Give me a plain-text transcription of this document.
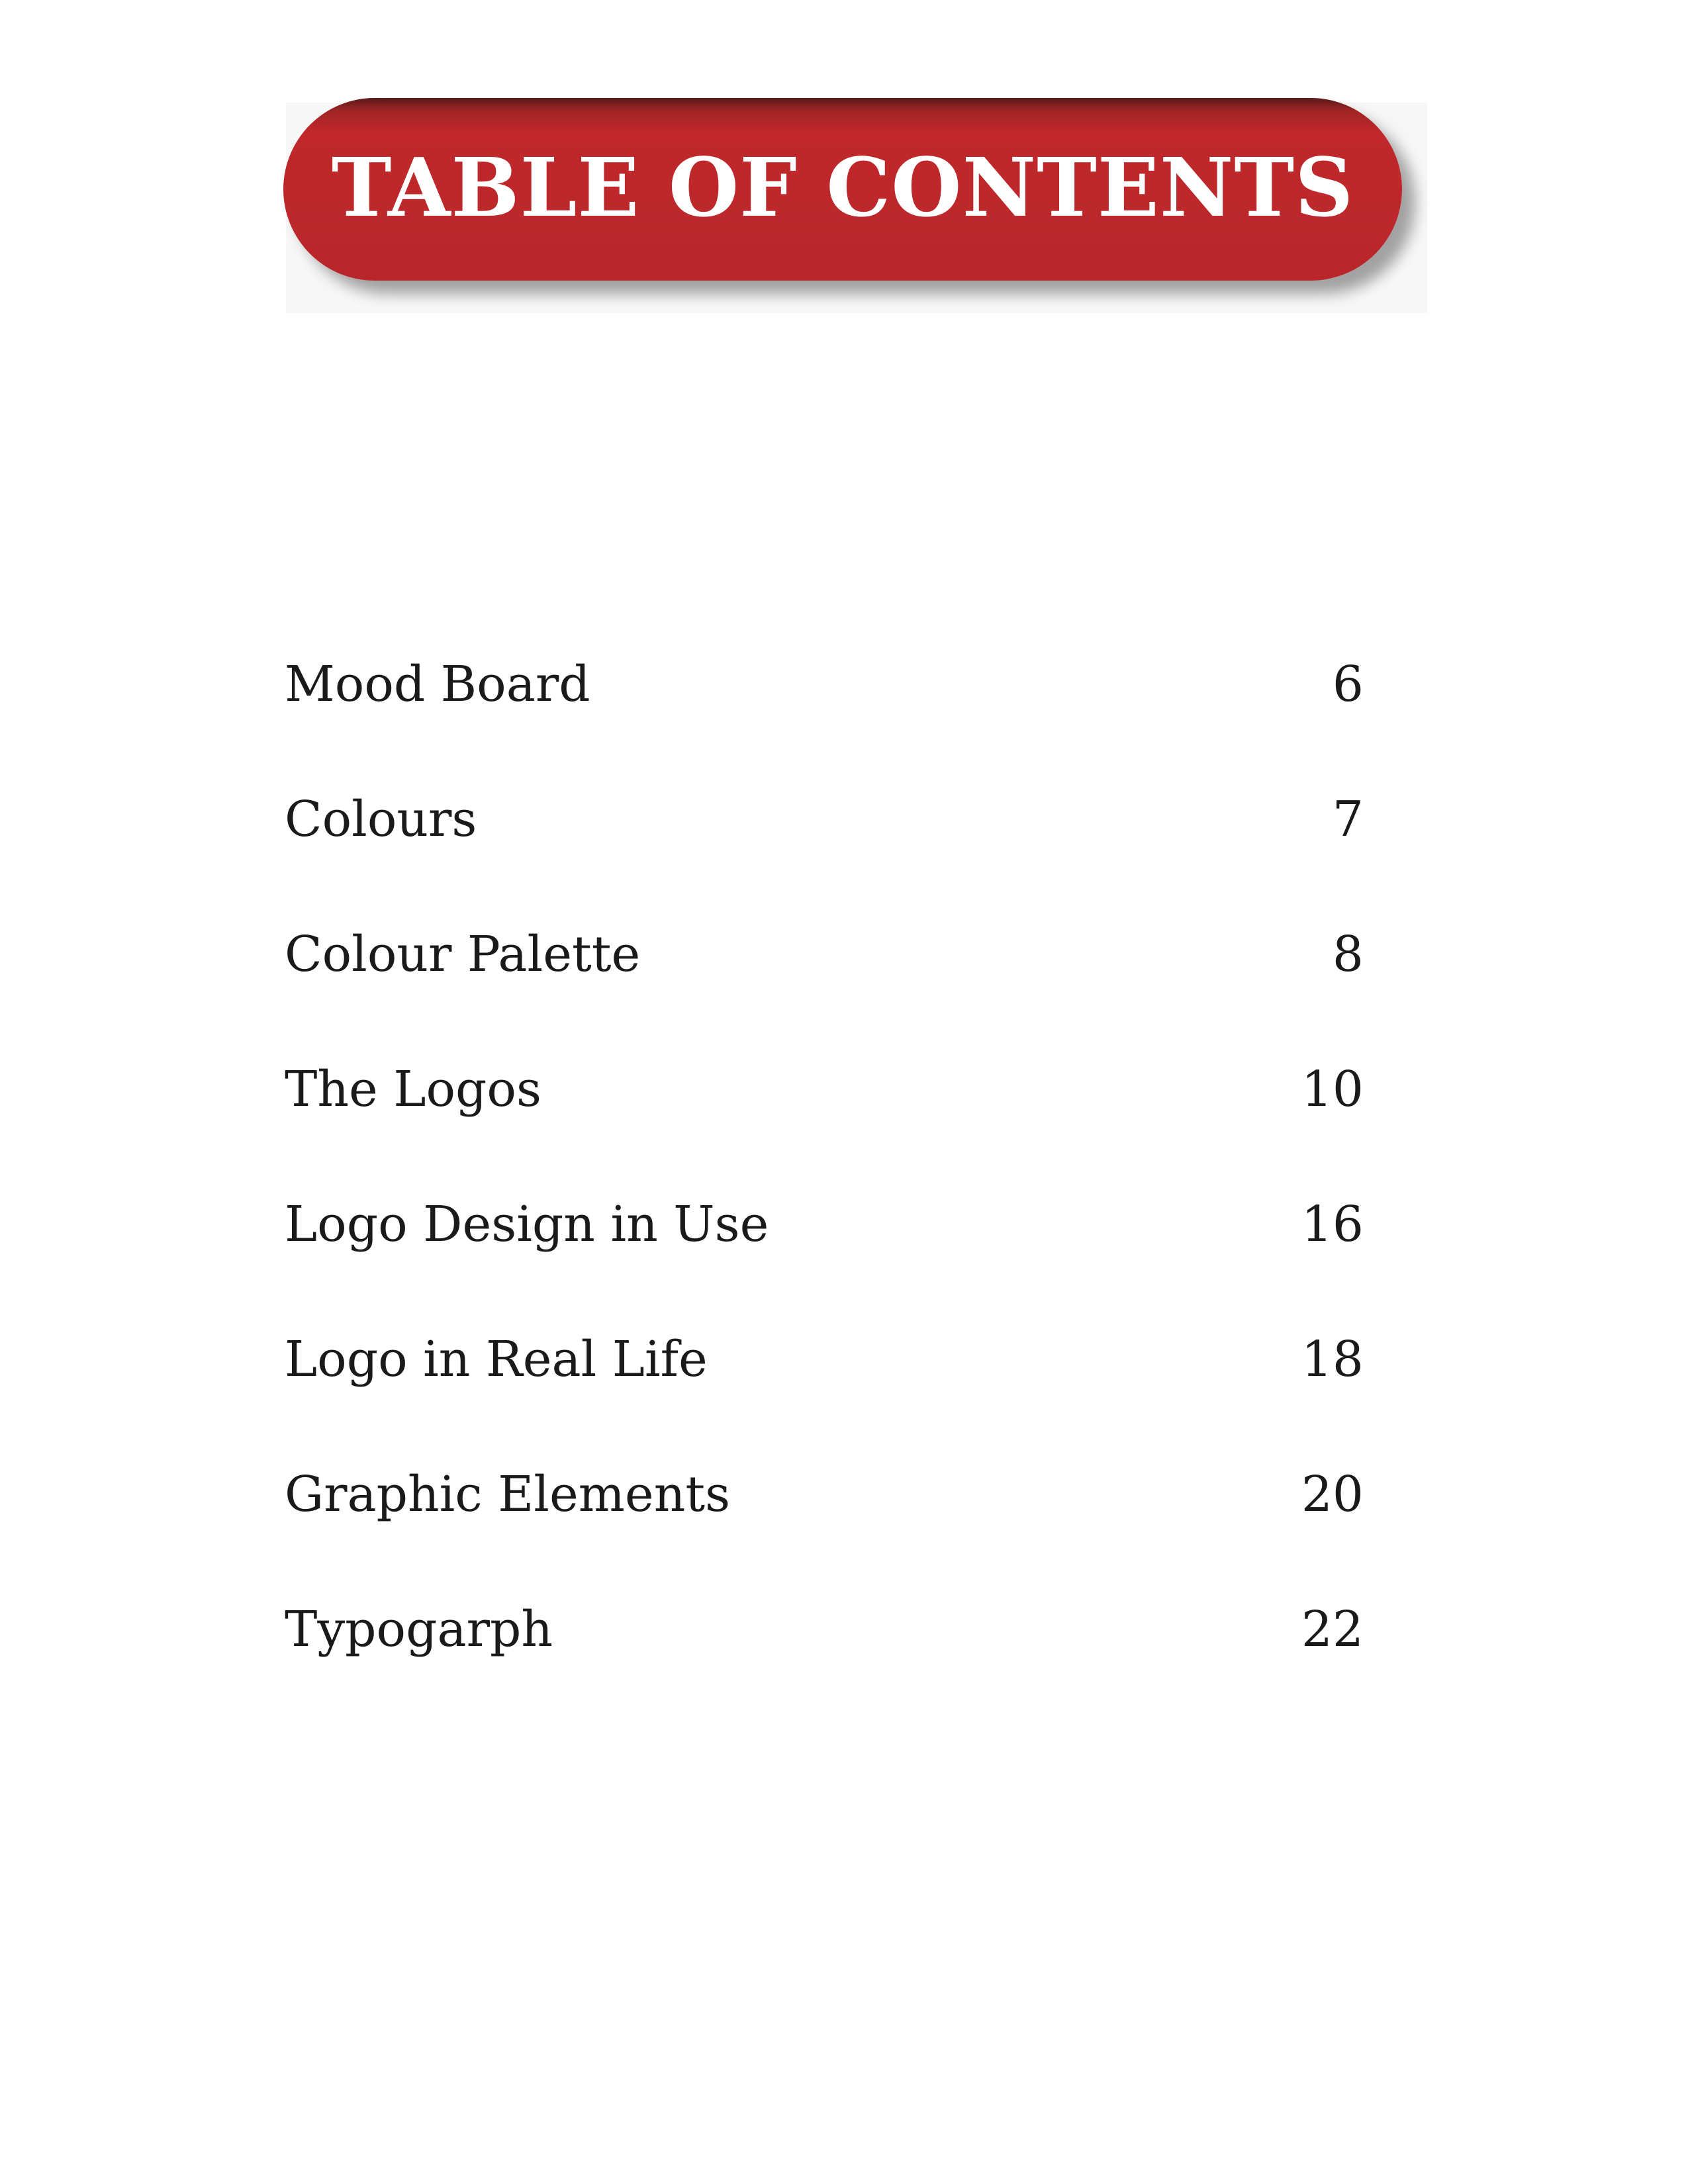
TABLE OF CONTENTS
Mood Board	6
Colours	7
Colour Palette	8
The Logos	10
Logo Design in Use	16
Logo in Real Life	18
Graphic Elements	20
Typogarph	22
